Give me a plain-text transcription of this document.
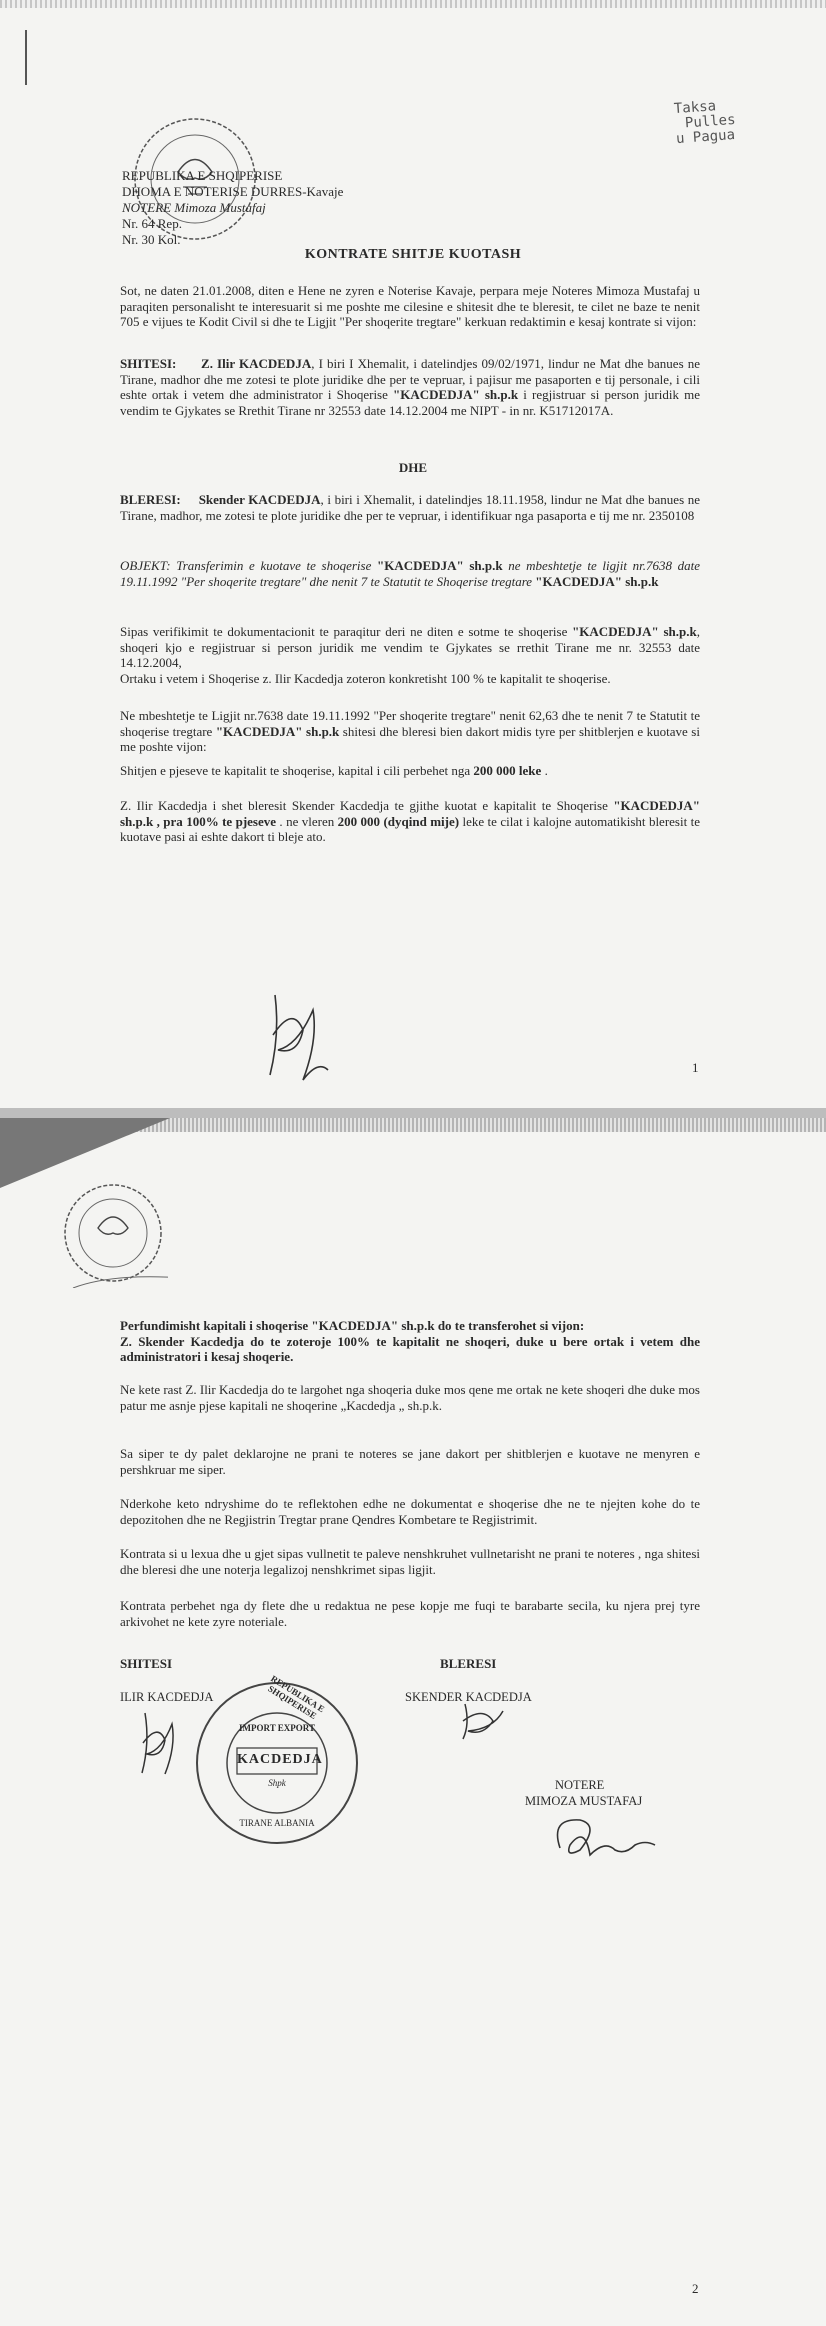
Taksa
Pulles
u Pagua
REPUBLIKA E SHQIPERISE
DHOMA E NOTERISE DURRES-Kavaje
NOTERE Mimoza Mustafaj
Nr. 64 Rep.
Nr. 30 Kol.
KONTRATE SHITJE KUOTASH
Sot, ne daten 21.01.2008, diten e Hene ne zyren e Noterise Kavaje, perpara meje Noteres Mimoza Mustafaj u paraqiten personalisht te interesuarit si me poshte me cilesine e shitesit dhe te bleresit, te cilet ne baze te nenit 705 e vijues te Kodit Civil si dhe te Ligjit "Per shoqerite tregtare" kerkuan redaktimin e kesaj kontrate si vijon:
SHITESI: Z. Ilir KACDEDJA, I biri I Xhemalit, i datelindjes 09/02/1971, lindur ne Mat dhe banues ne Tirane, madhor dhe me zotesi te plote juridike dhe per te vepruar, i pajisur me pasaporten e tij personale, i cili eshte ortak i vetem dhe administrator i Shoqerise "KACDEDJA" sh.p.k i regjistruar si person juridik me vendim te Gjykates se Rrethit Tirane nr 32553 date 14.12.2004 me NIPT - in nr. K51712017A.
DHE
BLERESI: Skender KACDEDJA, i biri i Xhemalit, i datelindjes 18.11.1958, lindur ne Mat dhe banues ne Tirane, madhor, me zotesi te plote juridike dhe per te vepruar, i identifikuar nga pasaporta e tij me nr. 2350108
OBJEKT: Transferimin e kuotave te shoqerise "KACDEDJA" sh.p.k ne mbeshtetje te ligjit nr.7638 date 19.11.1992 "Per shoqerite tregtare" dhe nenit 7 te Statutit te Shoqerise tregtare "KACDEDJA" sh.p.k
Sipas verifikimit te dokumentacionit te paraqitur deri ne diten e sotme te shoqerise "KACDEDJA" sh.p.k, shoqeri kjo e regjistruar si person juridik me vendim te Gjykates se rrethit Tirane me nr. 32553 date 14.12.2004,
Ortaku i vetem i Shoqerise z. Ilir Kacdedja zoteron konkretisht 100 % te kapitalit te shoqerise.
Ne mbeshtetje te Ligjit nr.7638 date 19.11.1992 "Per shoqerite tregtare" nenit 62,63 dhe te nenit 7 te Statutit te shoqerise tregtare "KACDEDJA" sh.p.k shitesi dhe bleresi bien dakort midis tyre per shitblerjen e kuotave si me poshte vijon:
Shitjen e pjeseve te kapitalit te shoqerise, kapital i cili perbehet nga 200 000 leke .
Z. Ilir Kacdedja i shet bleresit Skender Kacdedja te gjithe kuotat e kapitalit te Shoqerise "KACDEDJA" sh.p.k , pra 100% te pjeseve . ne vleren 200 000 (dyqind mije) leke te cilat i kalojne automatikisht bleresit te kuotave pasi ai eshte dakort ti bleje ato.
1
Perfundimisht kapitali i shoqerise "KACDEDJA" sh.p.k do te transferohet si vijon:
Z. Skender Kacdedja do te zoteroje 100% te kapitalit ne shoqeri, duke u bere ortak i vetem dhe administratori i kesaj shoqerie.
Ne kete rast Z. Ilir Kacdedja do te largohet nga shoqeria duke mos qene me ortak ne kete shoqeri dhe duke mos patur me asnje pjese kapitali ne shoqerine „Kacdedja „ sh.p.k.
Sa siper te dy palet deklarojne ne prani te noteres se jane dakort per shitblerjen e kuotave ne menyren e pershkruar me siper.
Nderkohe keto ndryshime do te reflektohen edhe ne dokumentat e shoqerise dhe ne te njejten kohe do te depozitohen dhe ne Regjistrin Tregtar prane Qendres Kombetare te Regjistrimit.
Kontrata si u lexua dhe u gjet sipas vullnetit te paleve nenshkruhet vullnetarisht ne prani te noteres , nga shitesi dhe bleresi dhe une noterja legalizoj nenshkrimet sipas ligjit.
Kontrata perbehet nga dy flete dhe u redaktua ne pese kopje me fuqi te barabarte secila, ku njera prej tyre arkivohet ne kete zyre noteriale.
SHITESI	BLERESI
ILIR KACDEDJA	SKENDER KACDEDJA
REPUBLIKA E SHQIPERISE
IMPORT EXPORT
KACDEDJA
Shpk
TIRANE ALBANIA
NOTERE
MIMOZA MUSTAFAJ
2
